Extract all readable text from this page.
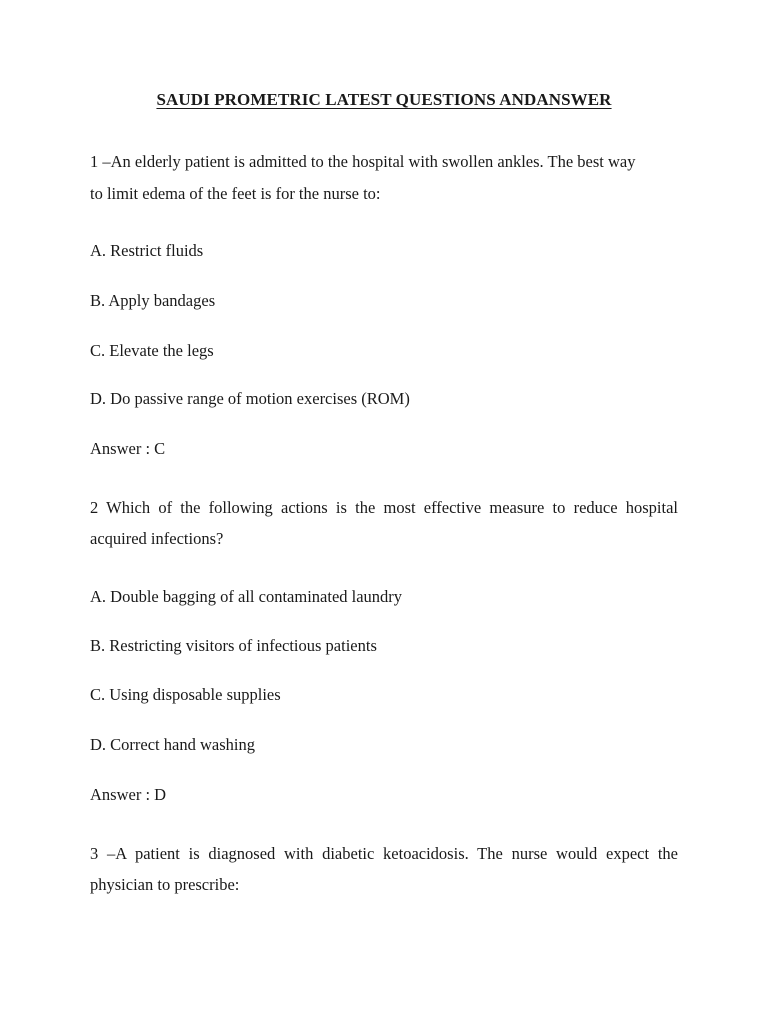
SAUDI PROMETRIC LATEST QUESTIONS ANDANSWER
1 –An elderly patient is admitted to the hospital with swollen ankles. The best way
to limit edema of the feet is for the nurse to:
A. Restrict fluids
B. Apply bandages
C. Elevate the legs
D. Do passive range of motion exercises (ROM)
Answer : C
2 Which of the following actions is the most effective measure to reduce hospital
acquired infections?
A. Double bagging of all contaminated laundry
B. Restricting visitors of infectious patients
C. Using disposable supplies
D. Correct hand washing
Answer : D
3 –A patient is diagnosed with diabetic ketoacidosis. The nurse would expect the
physician to prescribe:
